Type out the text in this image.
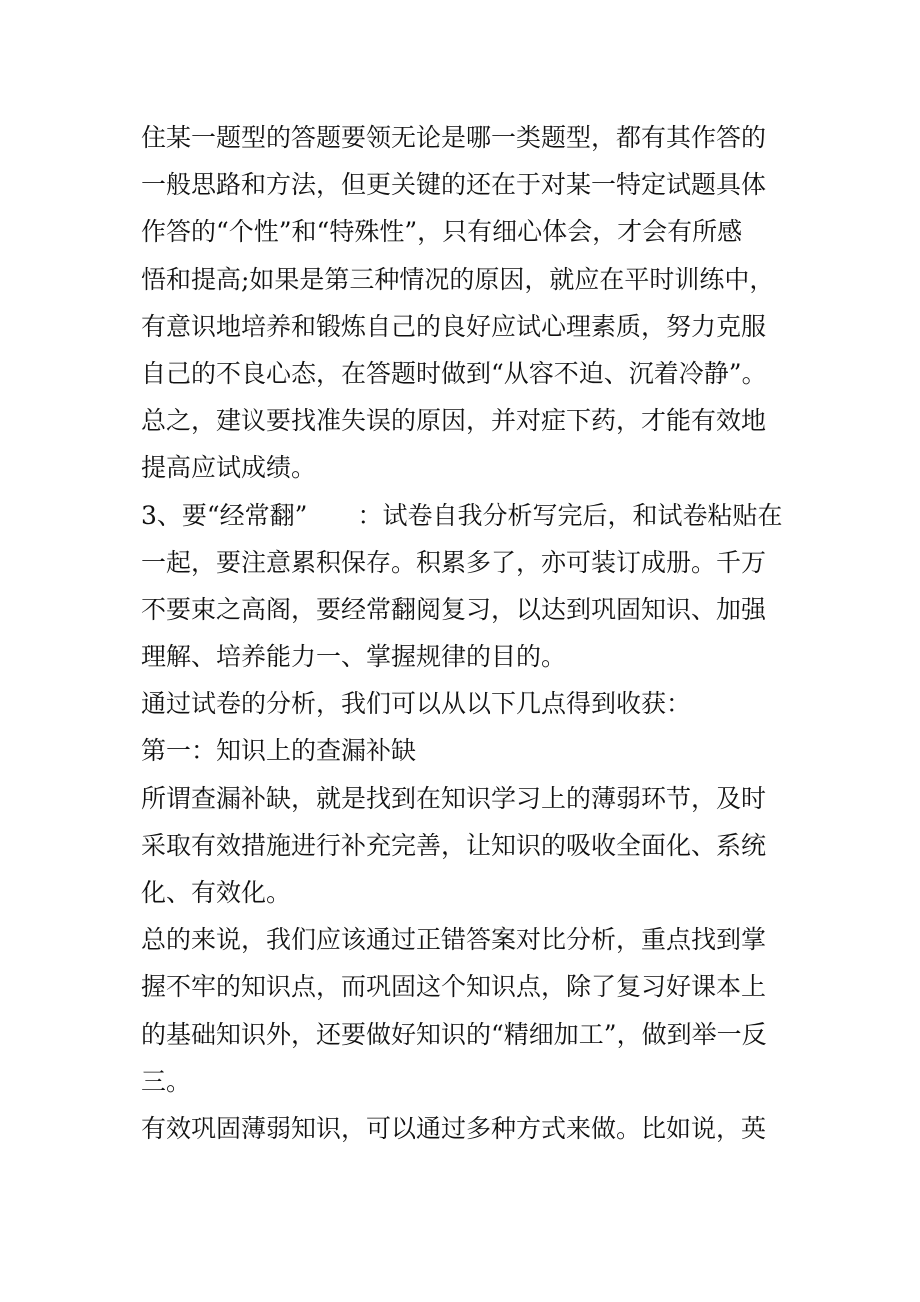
住某一题型的答题要领无论是哪一类题型，都有其作答的
一般思路和方法，但更关键的还在于对某一特定试题具体
作答的“个性”和“特殊性”，只有细心体会，才会有所感
悟和提高;如果是第三种情况的原因，就应在平时训练中，
有意识地培养和锻炼自己的良好应试心理素质，努力克服
自己的不良心态，在答题时做到“从容不迫、沉着冷静”。
总之，建议要找准失误的原因，并对症下药，才能有效地
提高应试成绩。
3、要“经常翻”　　：试卷自我分析写完后，和试卷粘贴在
一起，要注意累积保存。积累多了，亦可装订成册。千万
不要束之高阁，要经常翻阅复习，以达到巩固知识、加强
理解、培养能力一、掌握规律的目的。
通过试卷的分析，我们可以从以下几点得到收获：
第一：知识上的查漏补缺
所谓查漏补缺，就是找到在知识学习上的薄弱环节，及时
采取有效措施进行补充完善，让知识的吸收全面化、系统
化、有效化。
总的来说，我们应该通过正错答案对比分析，重点找到掌
握不牢的知识点，而巩固这个知识点，除了复习好课本上
的基础知识外，还要做好知识的“精细加工”，做到举一反
三。
有效巩固薄弱知识，可以通过多种方式来做。比如说，英
